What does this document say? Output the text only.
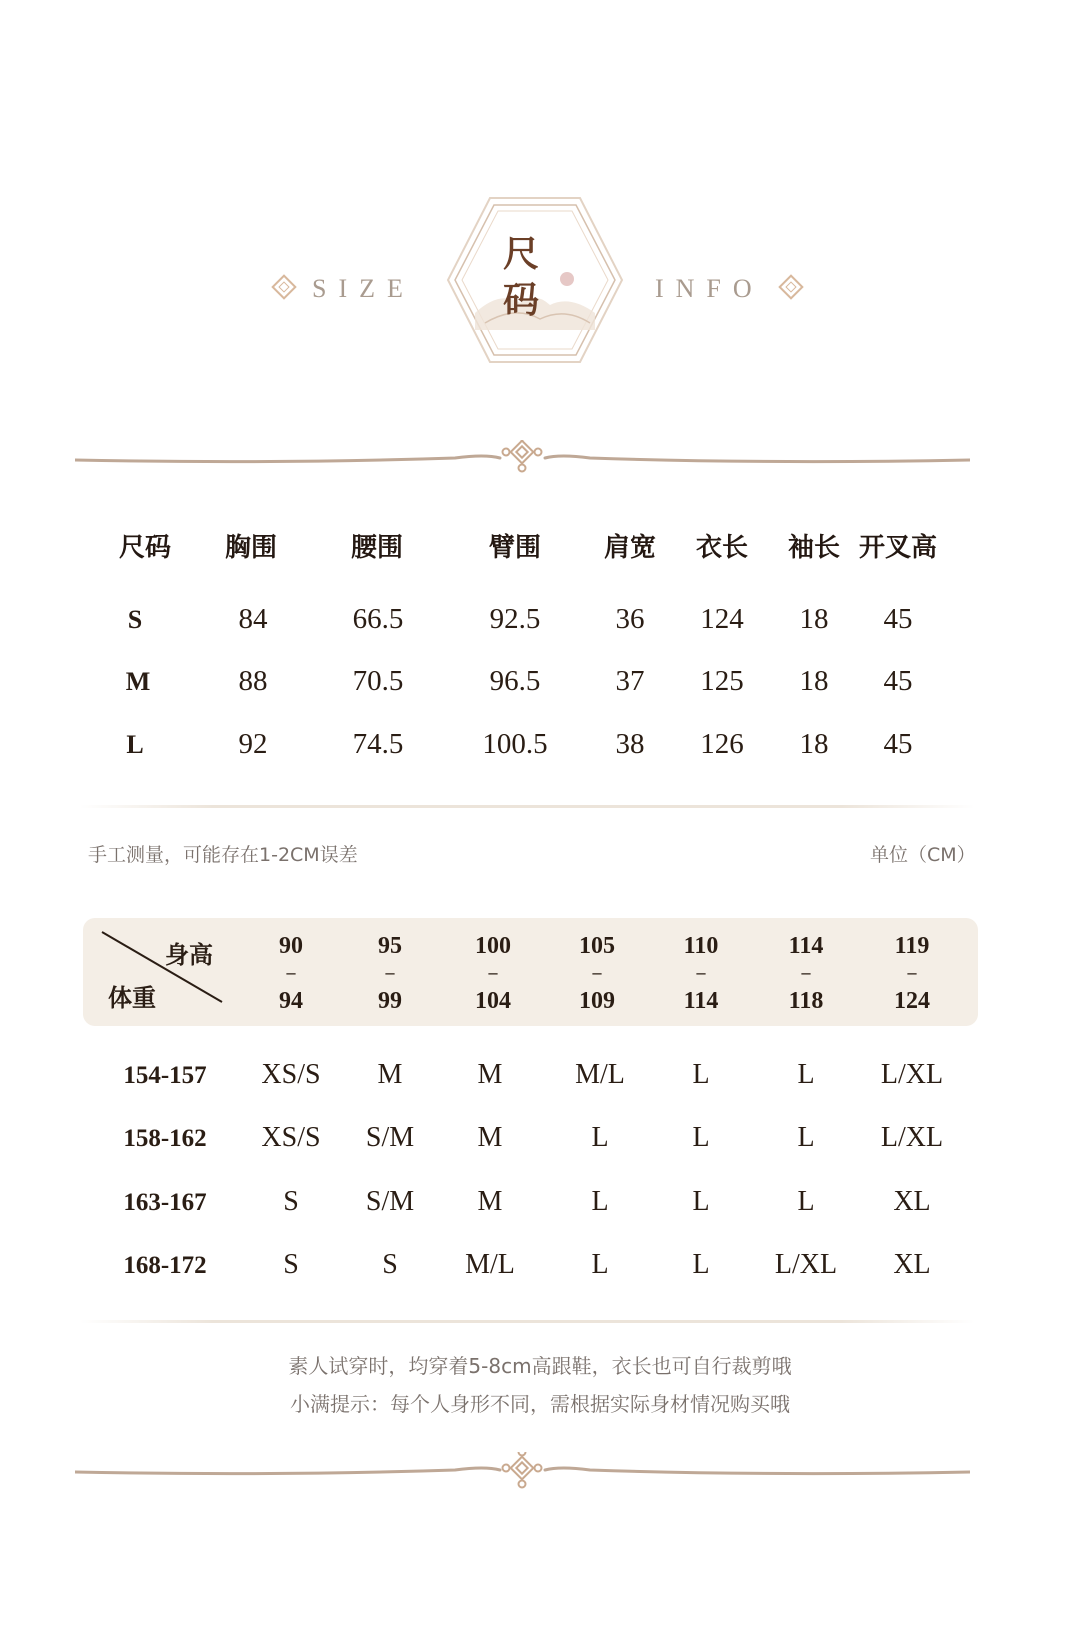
SIZE	INFO
尺
码
尺码 胸围	腰围	臂围 肩宽 衣长 袖长 开叉高
S	84	66.5	92.5	36 124 18 45
M	88	70.5	96.5	37 125 18 45
L	92	74.5	100.5 38 126 18 45
手工测量，可能存在1-2CM误差	单位（CM）
身高
体重
90
–
94
95
–
99
100
–
104
105
–
109
110
–
114
114
–
118
119
–
124
154-157 XS/S M	M	M/L L	L L/XL
158-162 XS/S S/M M	L	L	L L/XL
163-167	S S/M M	L	L	L	XL
168-172	S	S M/L	L	L L/XL XL
素人试穿时，均穿着5-8cm高跟鞋，衣长也可自行裁剪哦
小满提示：每个人身形不同，需根据实际身材情况购买哦
